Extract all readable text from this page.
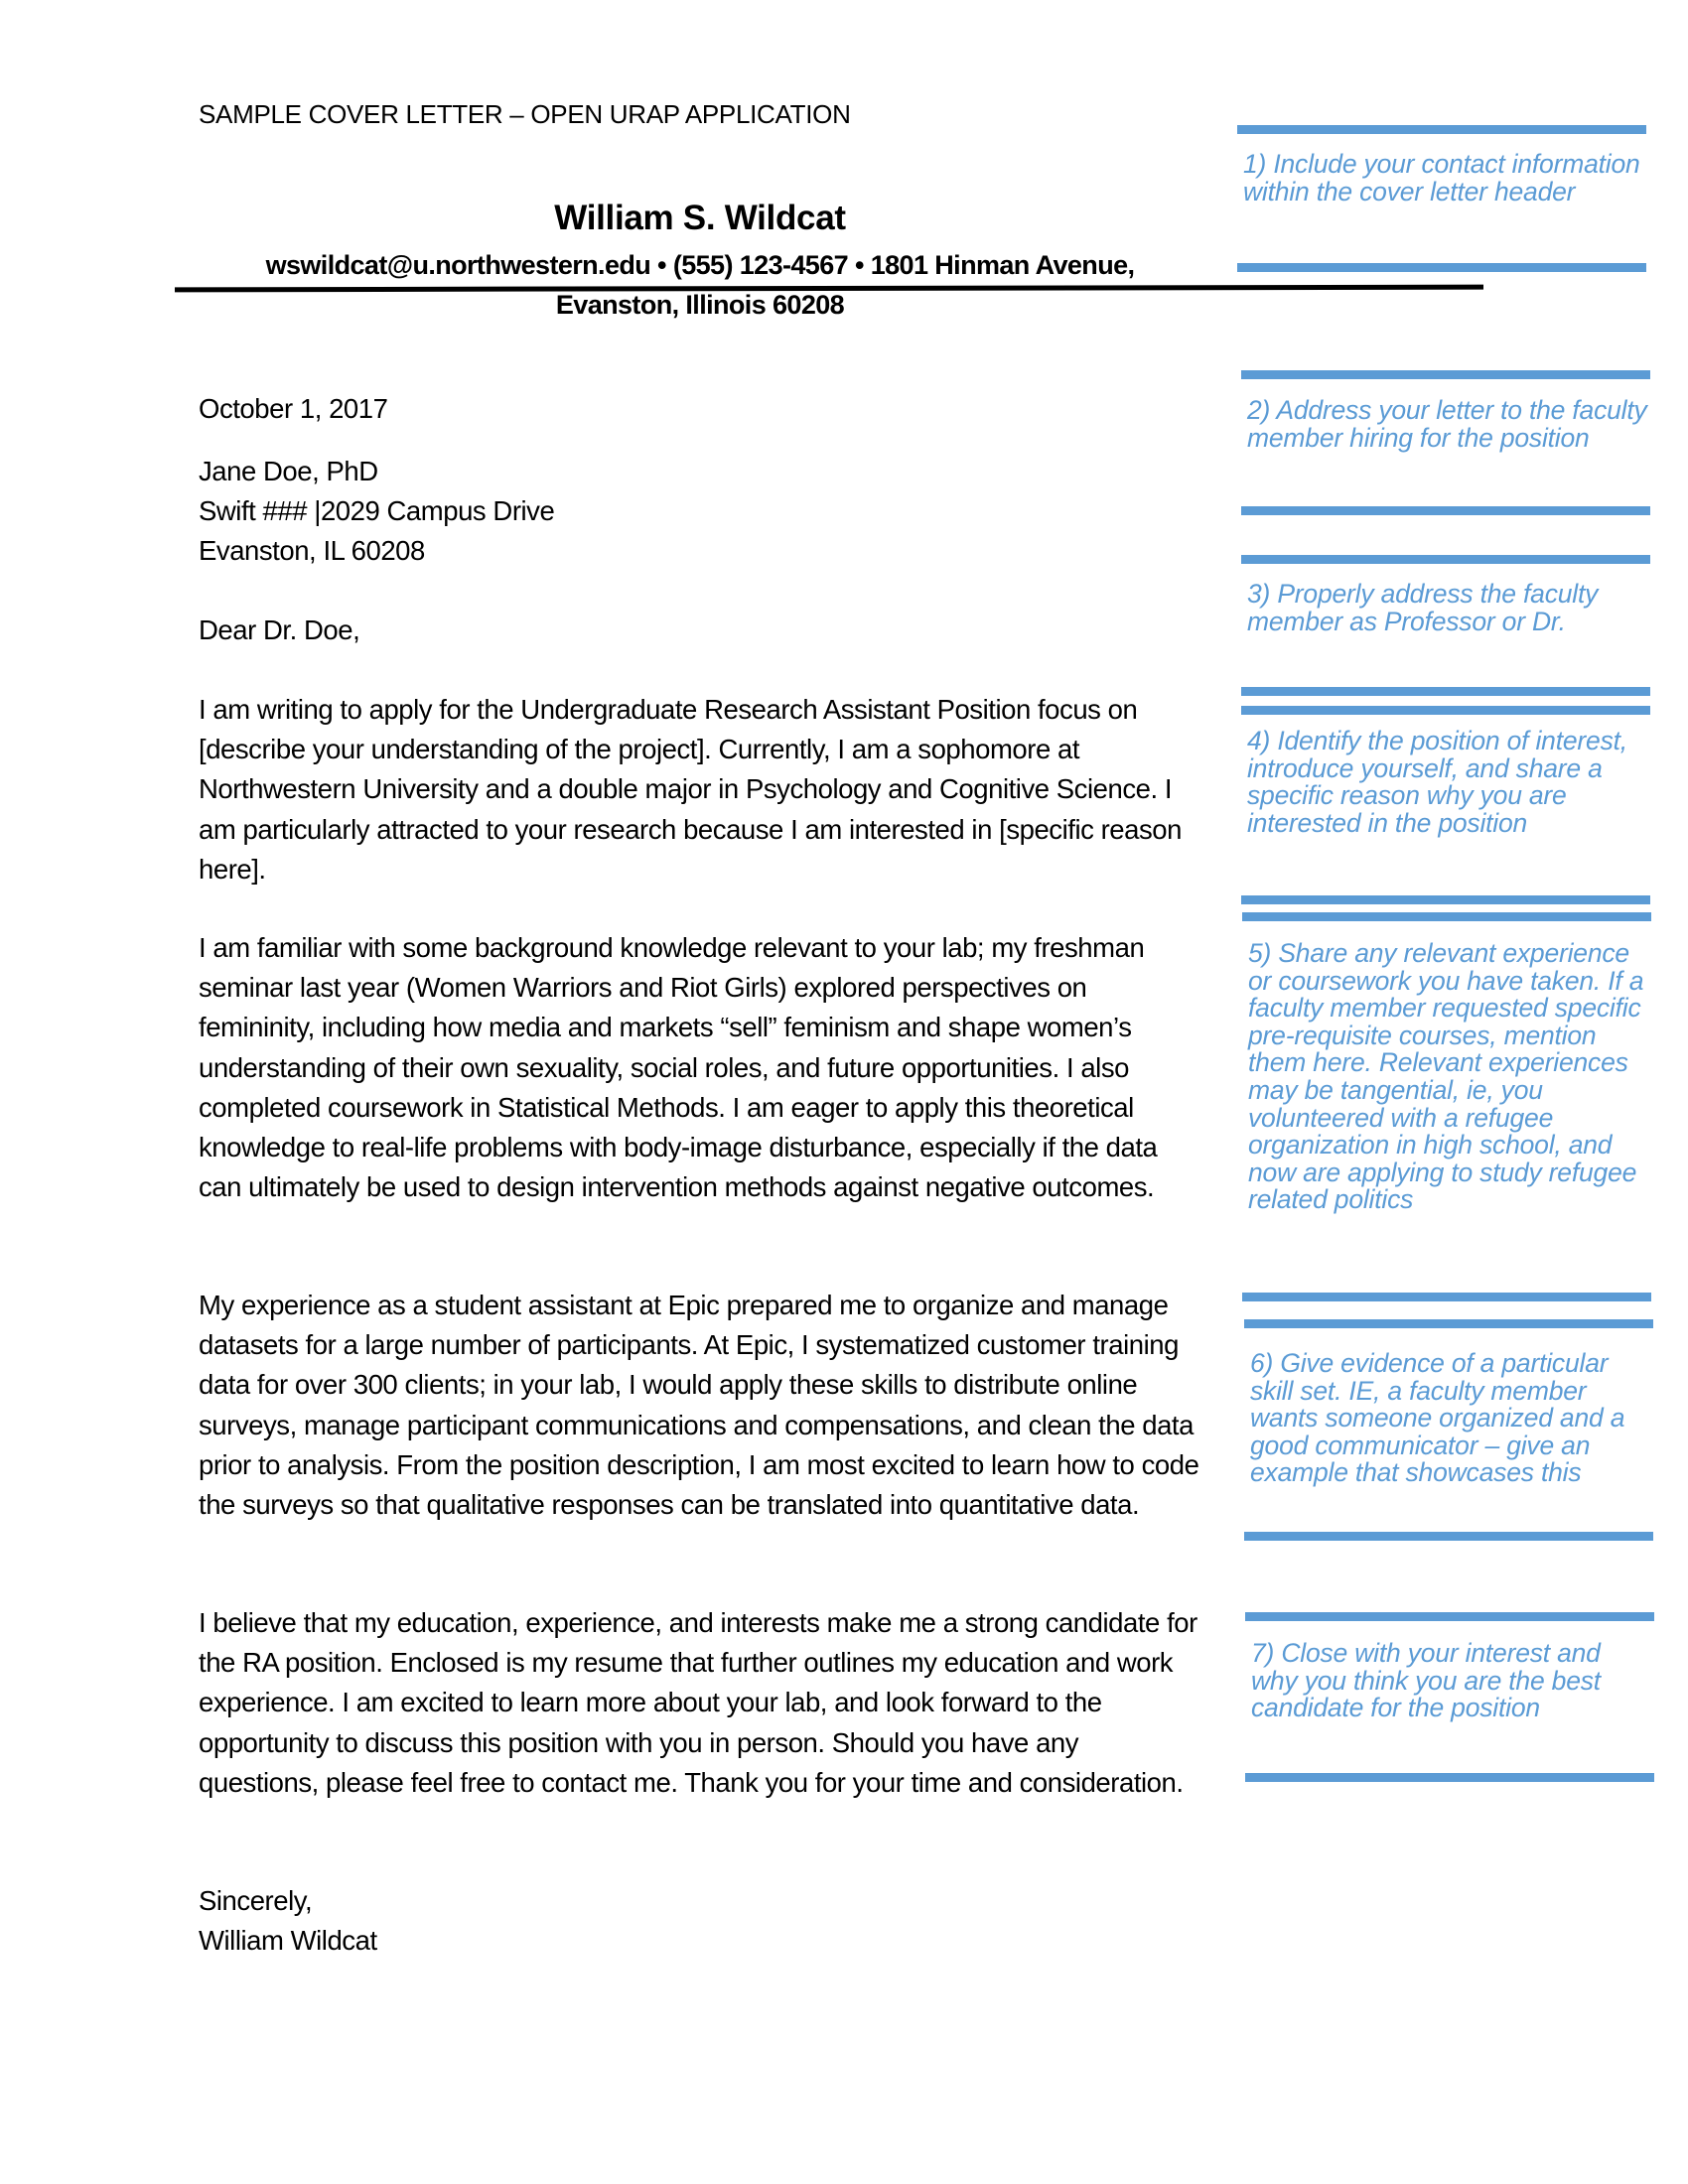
SAMPLE COVER LETTER – OPEN URAP APPLICATION
William S. Wildcat
wswildcat@u.northwestern.edu • (555) 123-4567 • 1801 Hinman Avenue,
Evanston, Illinois 60208
October 1, 2017

Jane Doe, PhD

Swift ### |2029 Campus Drive

Evanston, IL 60208

Dear Dr. Doe,
I am writing to apply for the Undergraduate Research Assistant Position focus on [describe your understanding of the project]. Currently, I am a sophomore at Northwestern University and a double major in Psychology and Cognitive Science. I am particularly attracted to your research because I am interested in [specific reason here].
I am familiar with some background knowledge relevant to your lab; my freshman seminar last year (Women Warriors and Riot Girls) explored perspectives on femininity, including how media and markets “sell” feminism and shape women’s understanding of their own sexuality, social roles, and future opportunities. I also completed coursework in Statistical Methods. I am eager to apply this theoretical knowledge to real-life problems with body-image disturbance, especially if the data can ultimately be used to design intervention methods against negative outcomes.
My experience as a student assistant at Epic prepared me to organize and manage datasets for a large number of participants. At Epic, I systematized customer training data for over 300 clients; in your lab, I would apply these skills to distribute online surveys, manage participant communications and compensations, and clean the data prior to analysis. From the position description, I am most excited to learn how to code the surveys so that qualitative responses can be translated into quantitative data.
I believe that my education, experience, and interests make me a strong candidate for the RA position. Enclosed is my resume that further outlines my education and work experience. I am excited to learn more about your lab, and look forward to the opportunity to discuss this position with you in person. Should you have any questions, please feel free to contact me. Thank you for your time and consideration.

Sincerely,

William Wildcat

1) Include your contact information within the cover letter header
2) Address your letter to the faculty member hiring for the position
3) Properly address the faculty member as Professor or Dr.
4) Identify the position of interest, introduce yourself, and share a specific reason why you are interested in the position
5) Share any relevant experience or coursework you have taken. If a faculty member requested specific pre-requisite courses, mention them here. Relevant experiences may be tangential, ie, you volunteered with a refugee organization in high school, and now are applying to study refugee related politics
6) Give evidence of a particular skill set. IE, a faculty member wants someone organized and a good communicator – give an example that showcases this
7) Close with your interest and why you think you are the best candidate for the position
